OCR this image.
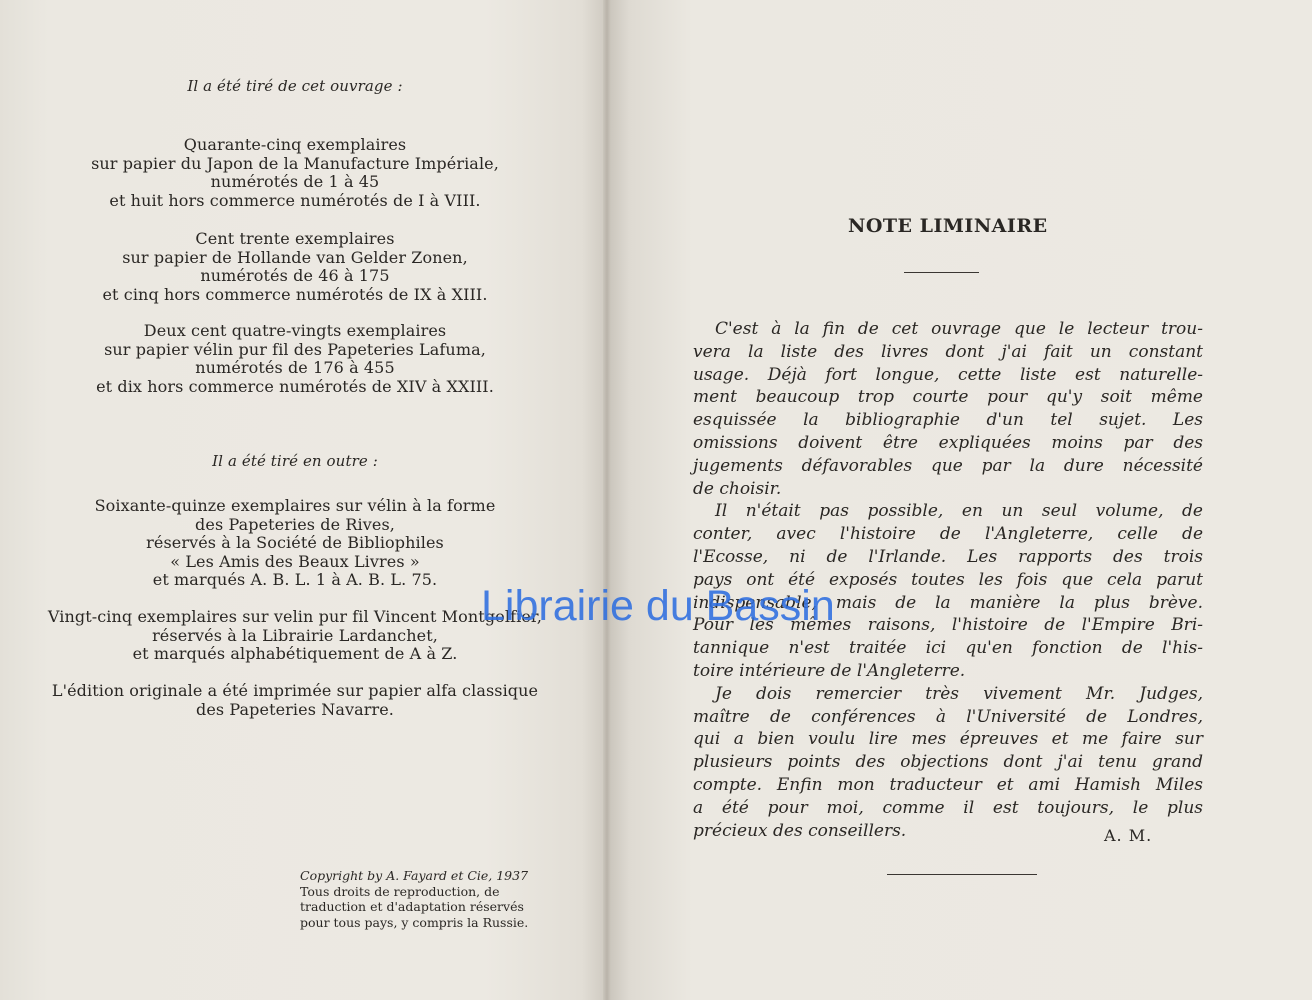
Il a été tiré de cet ouvrage :
Quarante-cinq exemplaires
sur papier du Japon de la Manufacture Impériale,
numérotés de 1 à 45
et huit hors commerce numérotés de I à VIII.
Cent trente exemplaires
sur papier de Hollande van Gelder Zonen,
numérotés de 46 à 175
et cinq hors commerce numérotés de IX à XIII.
Deux cent quatre-vingts exemplaires
sur papier vélin pur fil des Papeteries Lafuma,
numérotés de 176 à 455
et dix hors commerce numérotés de XIV à XXIII.
Il a été tiré en outre :
Soixante-quinze exemplaires sur vélin à la forme
des Papeteries de Rives,
réservés à la Société de Bibliophiles
« Les Amis des Beaux Livres »
et marqués A. B. L. 1 à A. B. L. 75.
Vingt-cinq exemplaires sur velin pur fil Vincent Montgolfier,
réservés à la Librairie Lardanchet,
et marqués alphabétiquement de A à Z.
L'édition originale a été imprimée sur papier alfa classique
des Papeteries Navarre.
Copyright by A. Fayard et Cie, 1937
Tous droits de reproduction, de
traduction et d'adaptation réservés
pour tous pays, y compris la Russie.
NOTE LIMINAIRE
C'est à la fin de cet ouvrage que le lecteur trou-
vera la liste des livres dont j'ai fait un constant
usage. Déjà fort longue, cette liste est naturelle-
ment beaucoup trop courte pour qu'y soit même
esquissée la bibliographie d'un tel sujet. Les
omissions doivent être expliquées moins par des
jugements défavorables que par la dure nécessité
de choisir.
Il n'était pas possible, en un seul volume, de
conter, avec l'histoire de l'Angleterre, celle de
l'Ecosse, ni de l'Irlande. Les rapports des trois
pays ont été exposés toutes les fois que cela parut
indispensable, mais de la manière la plus brève.
Pour les mêmes raisons, l'histoire de l'Empire Bri-
tannique n'est traitée ici qu'en fonction de l'his-
toire intérieure de l'Angleterre.
Je dois remercier très vivement Mr. Judges,
maître de conférences à l'Université de Londres,
qui a bien voulu lire mes épreuves et me faire sur
plusieurs points des objections dont j'ai tenu grand
compte. Enfin mon traducteur et ami Hamish Miles
a été pour moi, comme il est toujours, le plus
précieux des conseillers.	A. M.
Librairie du Bassin
